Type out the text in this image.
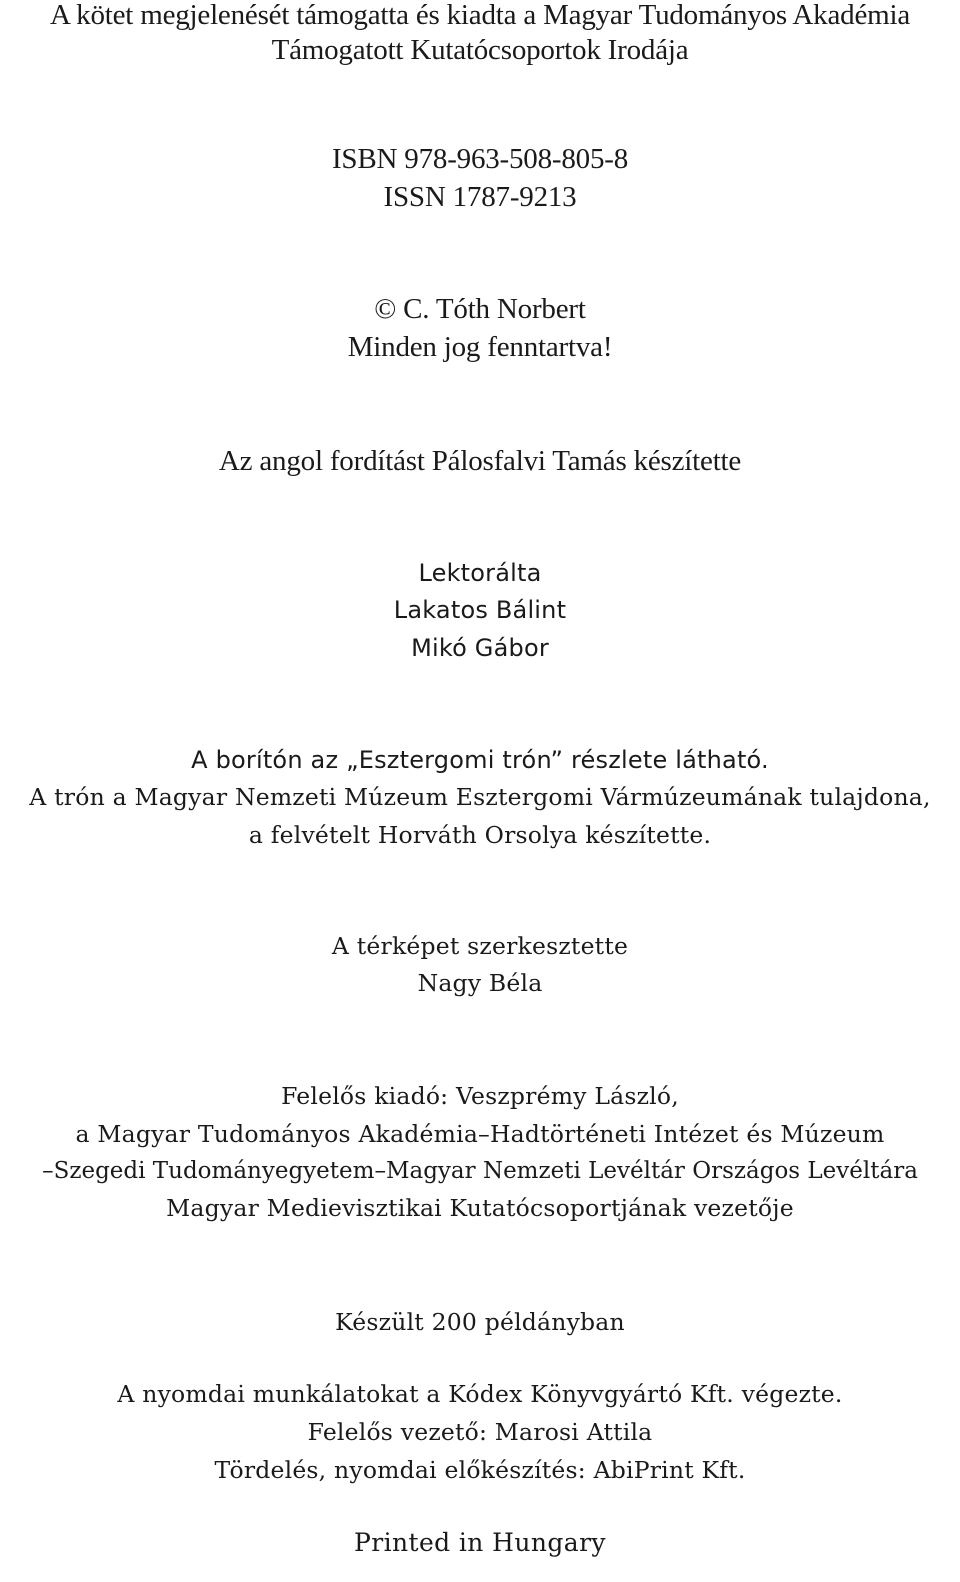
A kötet megjelenését támogatta és kiadta a Magyar Tudományos Akadémia
Támogatott Kutatócsoportok Irodája
ISBN 978-963-508-805-8
ISSN 1787-9213
© C. Tóth Norbert
Minden jog fenntartva!
Az angol fordítást Pálosfalvi Tamás készítette
Lektorálta
Lakatos Bálint
Mikó Gábor
A borítón az „Esztergomi trón” részlete látható.
A trón a Magyar Nemzeti Múzeum Esztergomi Vármúzeumának tulajdona,
a felvételt Horváth Orsolya készítette.
A térképet szerkesztette
Nagy Béla
Felelős kiadó: Veszprémy László,
a Magyar Tudományos Akadémia–Hadtörténeti Intézet és Múzeum
–Szegedi Tudományegyetem–Magyar Nemzeti Levéltár Országos Levéltára
Magyar Medievisztikai Kutatócsoportjának vezetője
Készült 200 példányban
A nyomdai munkálatokat a Kódex Könyvgyártó Kft. végezte.
Felelős vezető: Marosi Attila
Tördelés, nyomdai előkészítés: AbiPrint Kft.
Printed in Hungary
